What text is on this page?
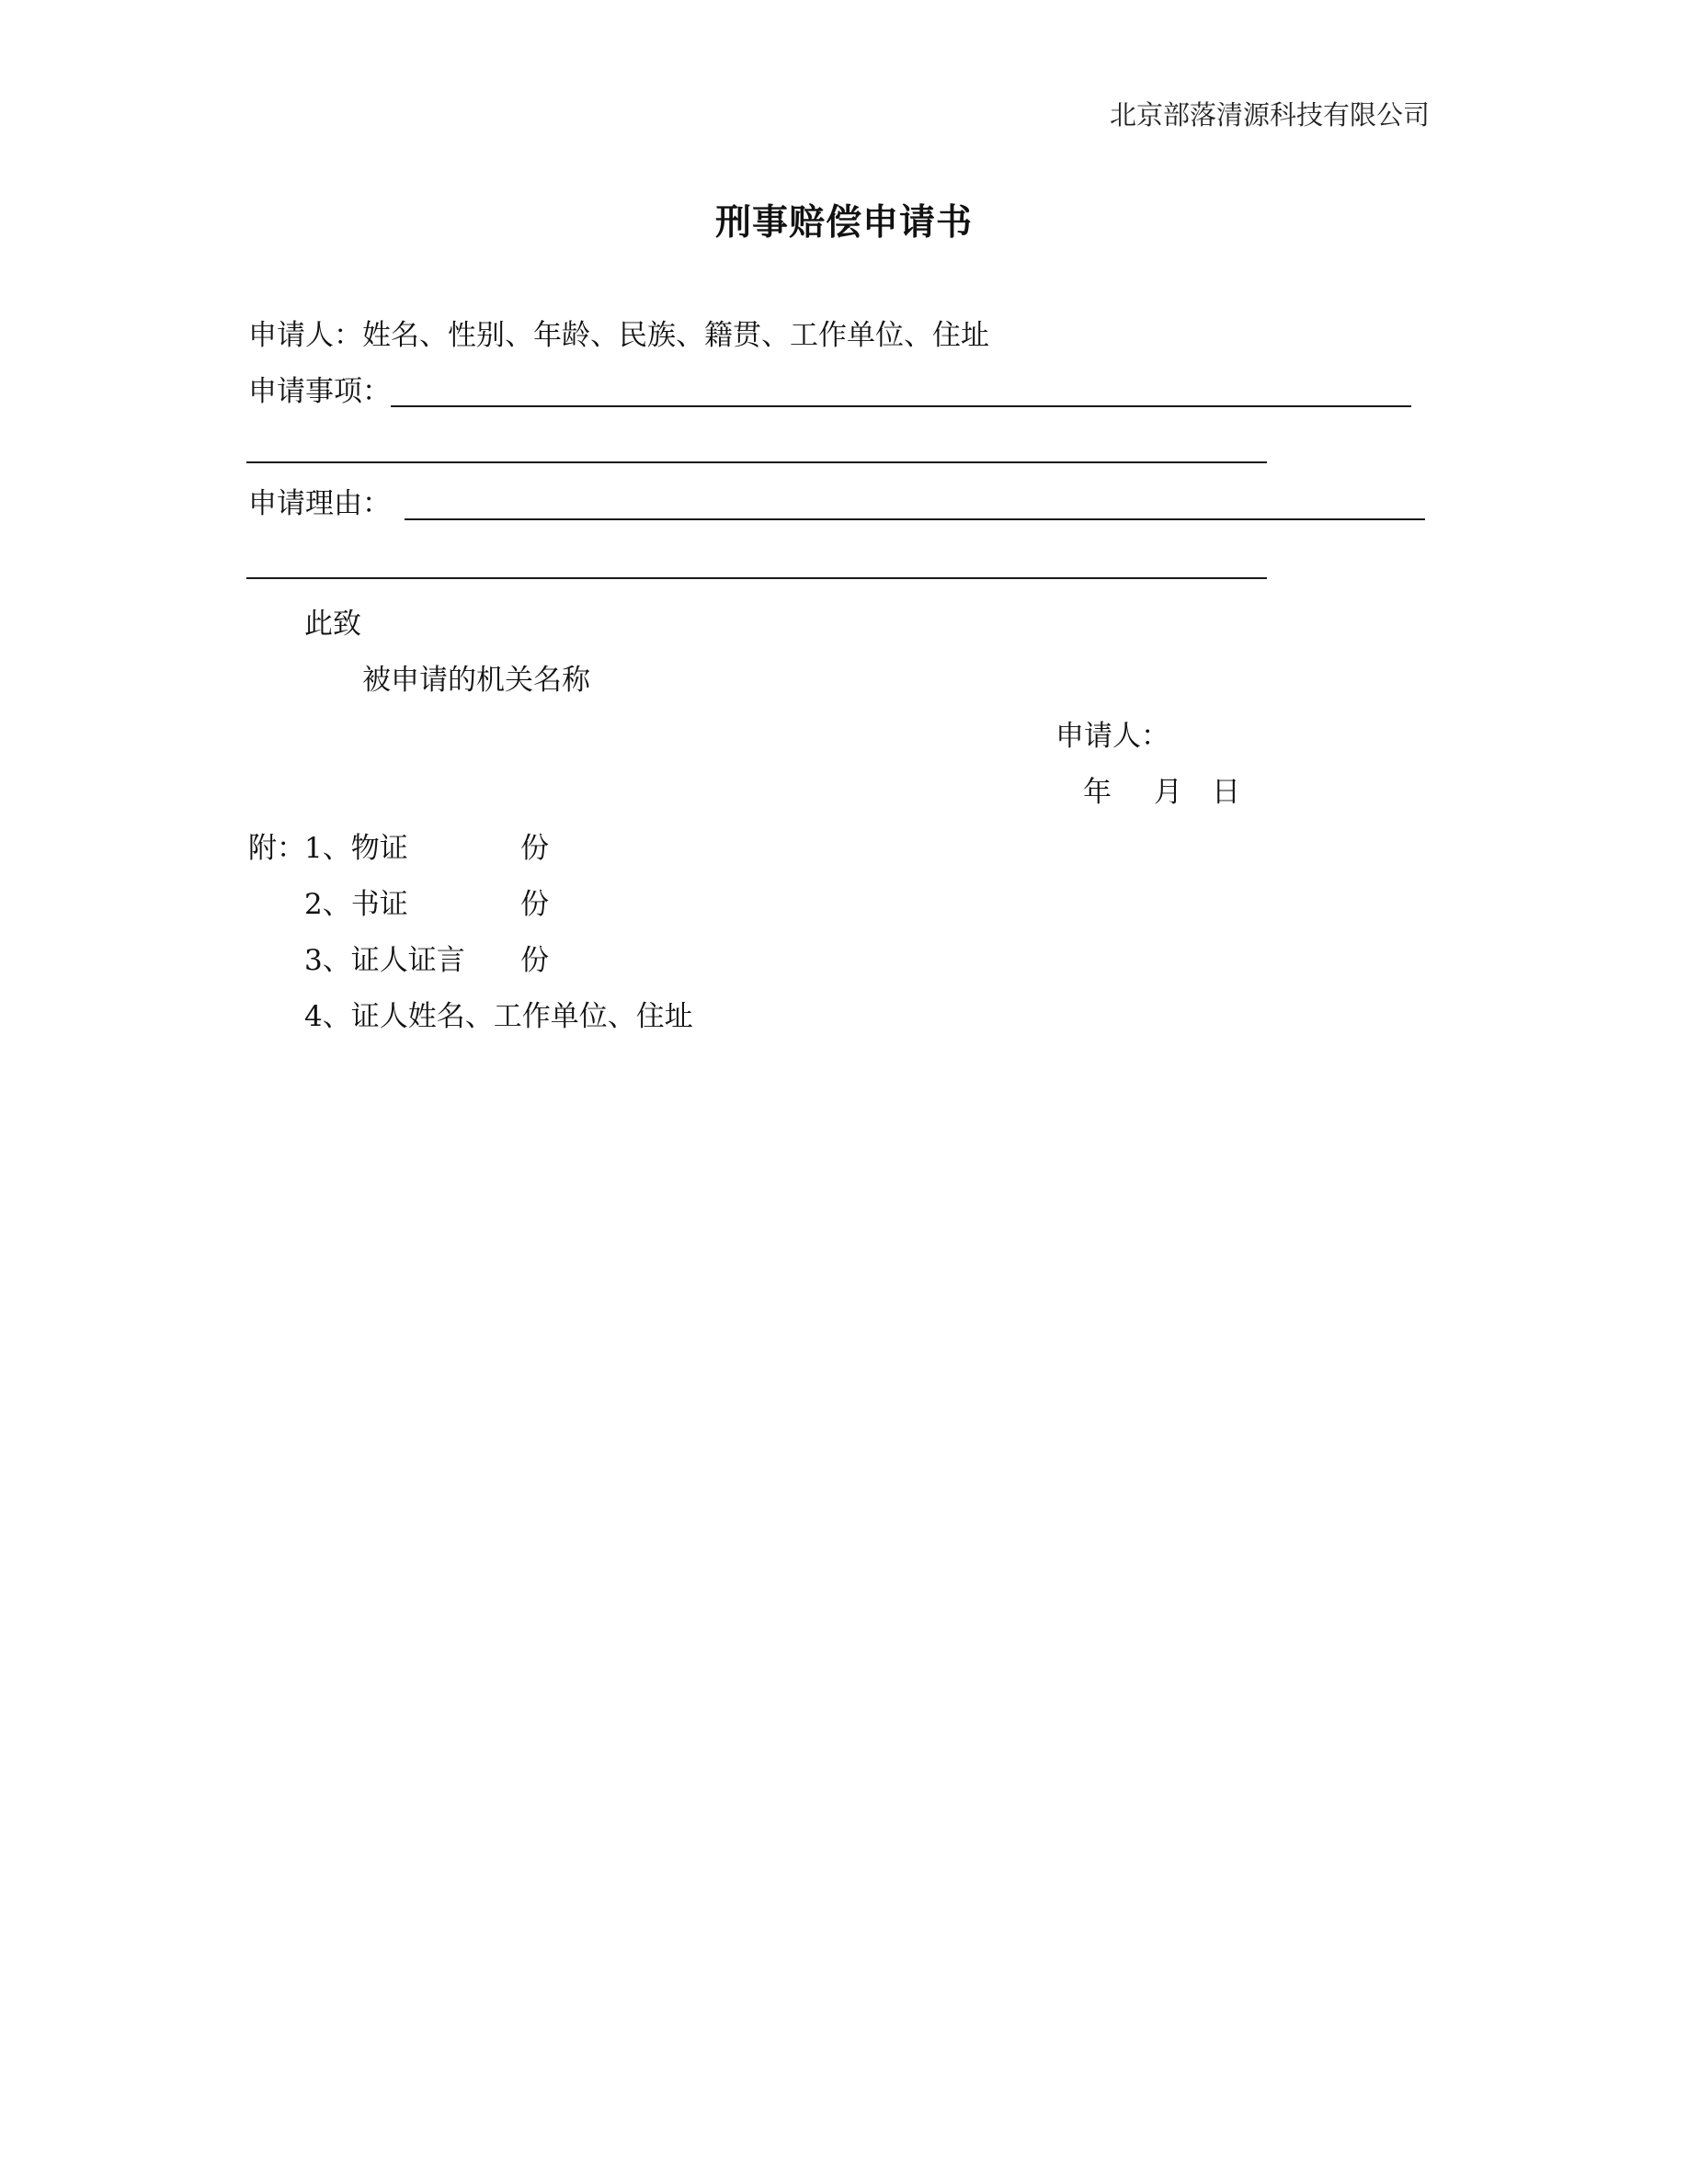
北京部落清源科技有限公司
刑事赔偿申请书
申请人：姓名、性别、年龄、民族、籍贯、工作单位、住址
申请事项：
申请理由：
此致
被申请的机关名称
申请人：
年 月 日
附： 1、物证	份
2、书证	份
3、证人证言 份
4、证人姓名、工作单位、住址
